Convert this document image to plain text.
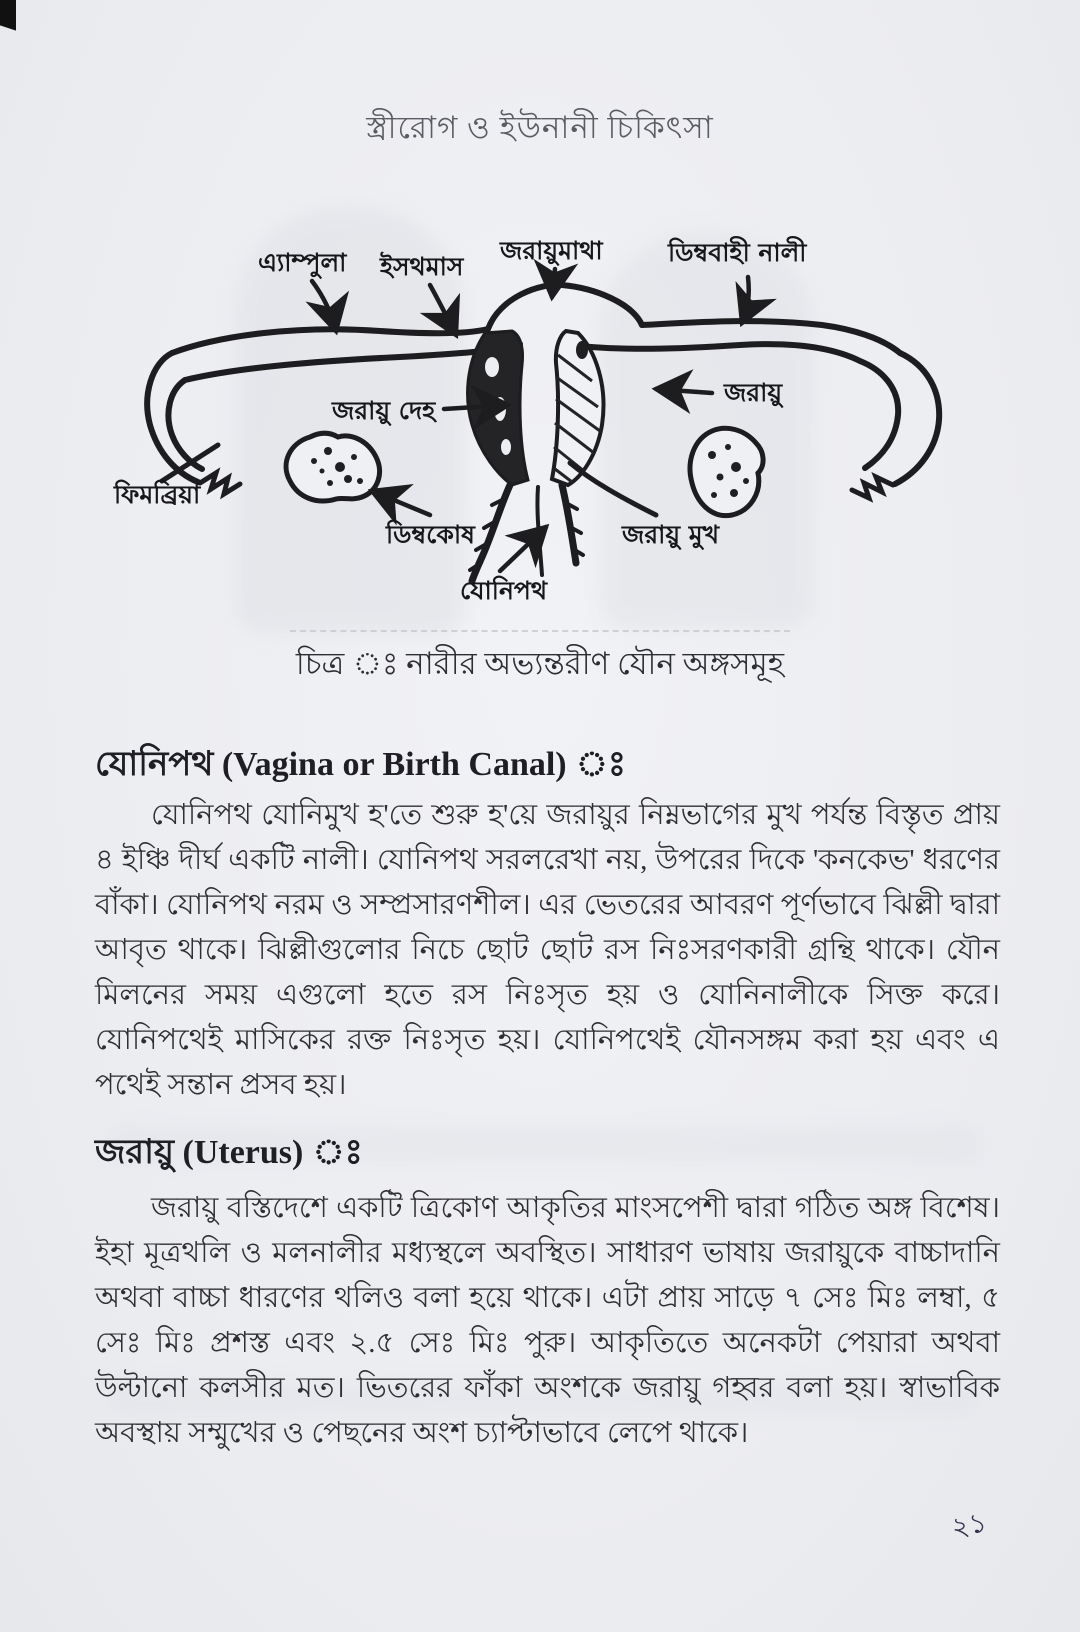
স্ত্রীরোগ ও ইউনানী চিকিৎসা
এ্যাম্পুলা ইসথমাস
জরায়ুমাথা	ডিম্ববাহী নালী
জরায়ু
জরায়ু দেহ
ফিমব্রিয়া
ডিম্বকোষ	জরায়ু মুখ
যোনিপথ
চিত্র ঃ নারীর অভ্যন্তরীণ যৌন অঙ্গসমূহ
যোনিপথ (Vagina or Birth Canal) ঃ
যোনিপথ যোনিমুখ হ'তে শুরু হ'য়ে জরায়ুর নিম্নভাগের মুখ পর্যন্ত বিস্তৃত প্রায় ৪ ইঞ্চি দীর্ঘ একটি নালী। যোনিপথ সরলরেখা নয়, উপরের দিকে 'কনকেভ' ধরণের বাঁকা। যোনিপথ নরম ও সম্প্রসারণশীল। এর ভেতরের আবরণ পূর্ণভাবে ঝিল্লী দ্বারা আবৃত থাকে। ঝিল্লীগুলোর নিচে ছোট ছোট রস নিঃসরণকারী গ্রন্থি থাকে। যৌন মিলনের সময় এগুলো হতে রস নিঃসৃত হয় ও যোনিনালীকে সিক্ত করে। যোনিপথেই মাসিকের রক্ত নিঃসৃত হয়। যোনিপথেই যৌনসঙ্গম করা হয় এবং এ পথেই সন্তান প্রসব হয়।
জরায়ু (Uterus) ঃ
জরায়ু বস্তিদেশে একটি ত্রিকোণ আকৃতির মাংসপেশী দ্বারা গঠিত অঙ্গ বিশেষ। ইহা মূত্রথলি ও মলনালীর মধ্যস্থলে অবস্থিত। সাধারণ ভাষায় জরায়ুকে বাচ্চাদানি অথবা বাচ্চা ধারণের থলিও বলা হয়ে থাকে। এটা প্রায় সাড়ে ৭ সেঃ মিঃ লম্বা, ৫ সেঃ মিঃ প্রশস্ত এবং ২.৫ সেঃ মিঃ পুরু। আকৃতিতে অনেকটা পেয়ারা অথবা উল্টানো কলসীর মত। ভিতরের ফাঁকা অংশকে জরায়ু গহ্বর বলা হয়। স্বাভাবিক অবস্থায় সম্মুখের ও পেছনের অংশ চ্যাপ্টাভাবে লেপে থাকে।
২১
